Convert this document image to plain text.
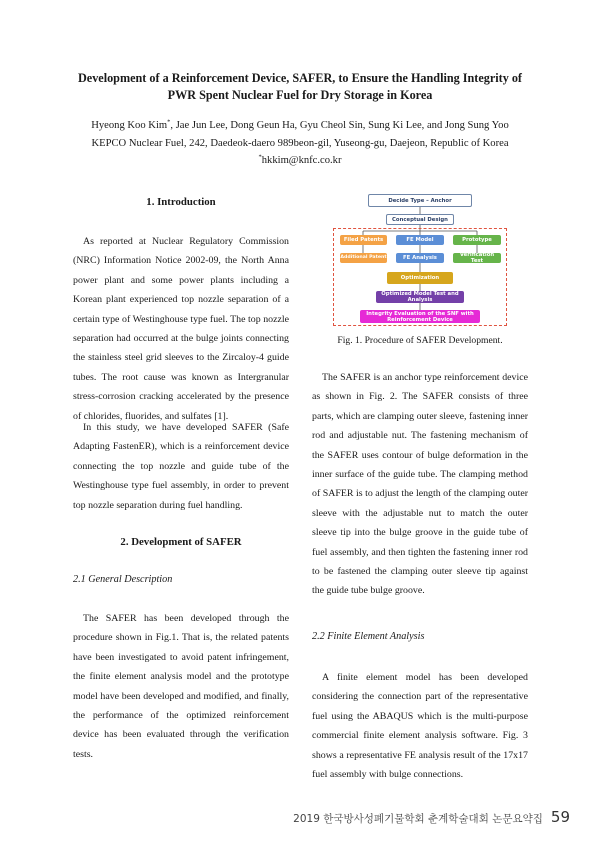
Development of a Reinforcement Device, SAFER, to Ensure the Handling Integrity of
PWR Spent Nuclear Fuel for Dry Storage in Korea
Hyeong Koo Kim*, Jae Jun Lee, Dong Geun Ha, Gyu Cheol Sin, Sung Ki Lee, and Jong Sung Yoo
KEPCO Nuclear Fuel, 242, Daedeok-daero 989beon-gil, Yuseong-gu, Daejeon, Republic of Korea
*hkkim@knfc.co.kr
1. Introduction

As reported at Nuclear Regulatory Commission (NRC) Information Notice 2002-09, the North Anna power plant and some power plants including a Korean plant experienced top nozzle separation of a certain type of Westinghouse type fuel. The top nozzle separation had occurred at the bulge joints connecting the stainless steel grid sleeves to the Zircaloy-4 guide tubes. The root cause was known as Intergranular stress-corrosion cracking accelerated by the presence of chlorides, fluorides, and sulfates [1].

In this study, we have developed SAFER (Safe Adapting FastenER), which is a reinforcement device connecting the top nozzle and guide tube of the Westinghouse type fuel assembly, in order to prevent top nozzle separation during fuel handling.

2. Development of SAFER
2.1 General Description

The SAFER has been developed through the procedure shown in Fig.1. That is, the related patents have been investigated to avoid patent infringement, the finite element analysis model and the prototype model have been developed and modified, and finally, the performance of the optimized reinforcement device has been evaluated through the verification tests.

Decide Type – Anchor
Conceptual Design
Filed Patents	FE Model	Prototype
Additional Patent	FE Analysis	Verification Test
Optimization
Optimized Model Test and Analysis
Integrity Evaluation of the SNF with Reinforcement Device
Fig. 1. Procedure of SAFER Development.

The SAFER is an anchor type reinforcement device as shown in Fig. 2. The SAFER consists of three parts, which are clamping outer sleeve, fastening inner rod and adjustable nut. The fastening mechanism of the SAFER uses contour of bulge deformation in the inner surface of the guide tube. The clamping method of SAFER is to adjust the length of the clamping outer sleeve with the adjustable nut to match the outer sleeve tip into the bulge groove in the guide tube of fuel assembly, and then tighten the fastening inner rod to be fastened the clamping outer sleeve tip against the guide tube bulge groove.

2.2 Finite Element Analysis

A finite element model has been developed considering the connection part of the representative fuel using the ABAQUS which is the multi-purpose commercial finite element analysis software. Fig. 3 shows a representative FE analysis result of the 17x17 fuel assembly with bulge connections.

2019 한국방사성폐기물학회 춘계학술대회 논문요약집 59
